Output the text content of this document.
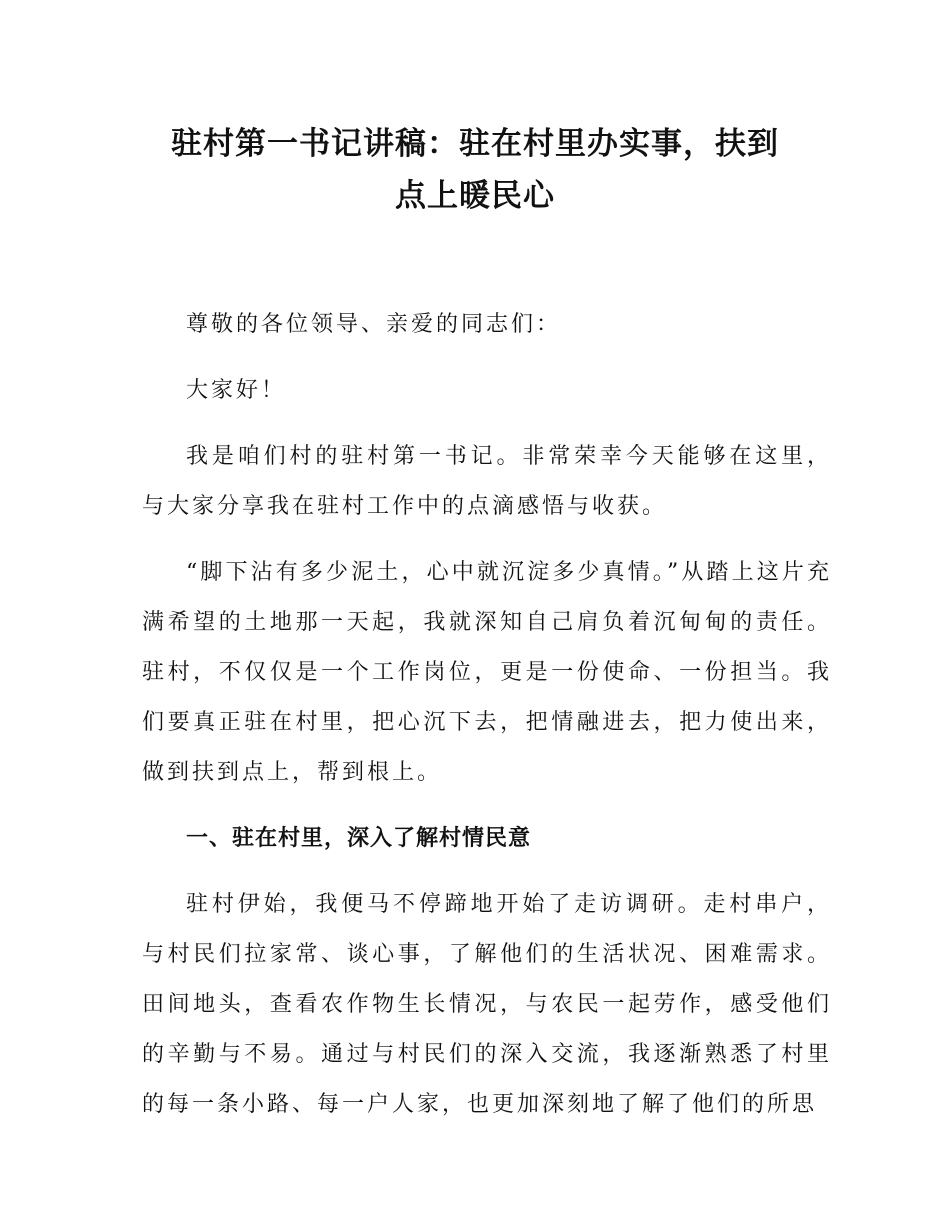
驻村第一书记讲稿：驻在村里办实事，扶到
点上暖民心

尊敬的各位领导、亲爱的同志们：

大家好！

我是咱们村的驻村第一书记。非常荣幸今天能够在这里，与大家分享我在驻村工作中的点滴感悟与收获。

“脚下沾有多少泥土，心中就沉淀多少真情。”从踏上这片充满希望的土地那一天起，我就深知自己肩负着沉甸甸的责任。驻村，不仅仅是一个工作岗位，更是一份使命、一份担当。我们要真正驻在村里，把心沉下去，把情融进去，把力使出来，做到扶到点上，帮到根上。

一、驻在村里，深入了解村情民意

驻村伊始，我便马不停蹄地开始了走访调研。走村串户，与村民们拉家常、谈心事，了解他们的生活状况、困难需求。田间地头，查看农作物生长情况，与农民一起劳作，感受他们的辛勤与不易。通过与村民们的深入交流，我逐渐熟悉了村里的每一条小路、每一户人家，也更加深刻地了解了他们的所思
